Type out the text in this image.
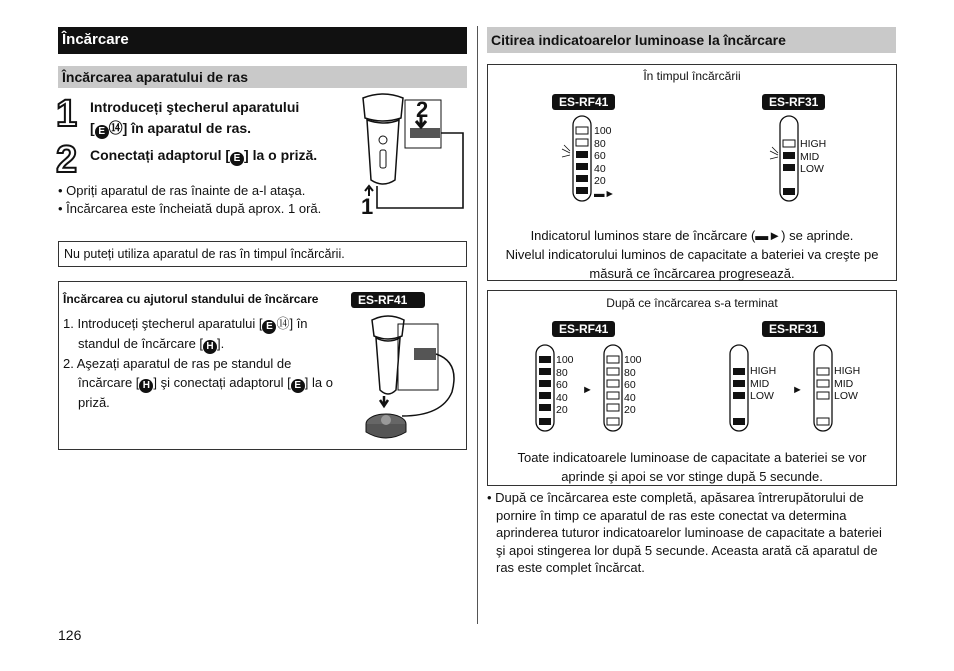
Încărcare
Încărcarea aparatului de ras
1 Introduceți ştecherul aparatului
[ E ⑭] în aparatul de ras.
2 Conectați adaptorul [ E ] la o priză.
• Opriți aparatul de ras înainte de a-l ataşa.
• Încărcarea este încheiată după aprox. 1 oră.
2
1
Nu puteți utiliza aparatul de ras în timpul încărcării.
Încărcarea cu ajutorul standului de încărcare	ES-RF41
1. Introduceți ştecherul aparatului [ E ⑭] în
standul de încărcare [ H ].
2. Aşezați aparatul de ras pe standul de
încărcare [ H ] şi conectați adaptorul [ E ] la o
priză.
126
Citirea indicatoarelor luminoase la încărcare
În timpul încărcării
ES-RF41	ES-RF31
100
80
60
40
20
▬►
HIGH
MID
LOW
Indicatorul luminos stare de încărcare (▬►) se aprinde.
Nivelul indicatorului luminos de capacitate a bateriei va creşte pe
măsură ce încărcarea progresează.
După ce încărcarea s-a terminat
ES-RF41	ES-RF31
100
80
60
40
20
►
100
80
60
40
20
HIGH
MID
LOW ►
HIGH
MID
LOW
Toate indicatoarele luminoase de capacitate a bateriei se vor
aprinde şi apoi se vor stinge după 5 secunde.
• După ce încărcarea este completă, apăsarea întrerupătorului de
pornire în timp ce aparatul de ras este conectat va determina
aprinderea tuturor indicatoarelor luminoase de capacitate a bateriei
şi apoi stingerea lor după 5 secunde. Aceasta arată că aparatul de
ras este complet încărcat.
